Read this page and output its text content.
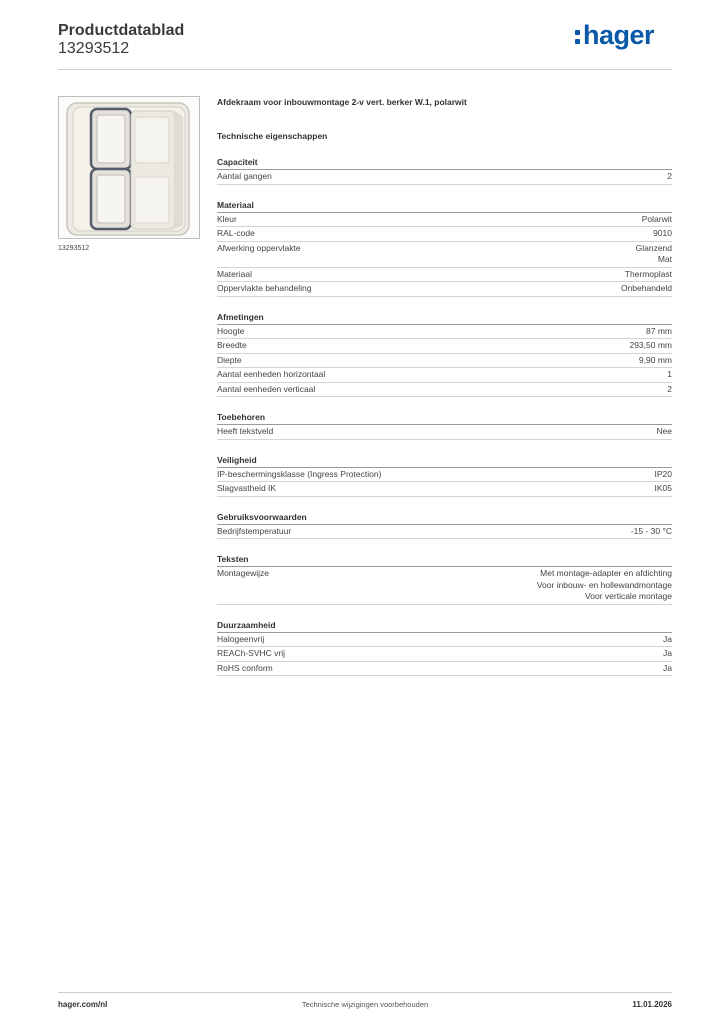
Productdatablad
13293512	hager
13293512
Afdekraam voor inbouwmontage 2-v vert. berker W.1, polarwit
Technische eigenschappen
Capaciteit
Aantal gangen	2
Materiaal
Kleur	Polarwit
RAL-code	9010
Afwerking oppervlakte	Glanzend
Mat
Materiaal	Thermoplast
Oppervlakte behandeling	Onbehandeld
Afmetingen
Hoogte	87 mm
Breedte	293,50 mm
Diepte	9,90 mm
Aantal eenheden horizontaal	1
Aantal eenheden verticaal	2
Toebehoren
Heeft tekstveld	Nee
Veiligheid
IP-beschermingsklasse (Ingress Protection)	IP20
Slagvastheid IK	IK05
Gebruiksvoorwaarden
Bedrijfstemperatuur	-15 - 30 °C
Teksten
Montagewijze	Met montage-adapter en afdichting
Voor inbouw- en hollewandmontage
Voor verticale montage
Duurzaamheid
Halogeenvrij	Ja
REACh-SVHC vrij	Ja
RoHS conform	Ja
hager.com/nl	Technische wijzigingen voorbehouden	11.01.2026
